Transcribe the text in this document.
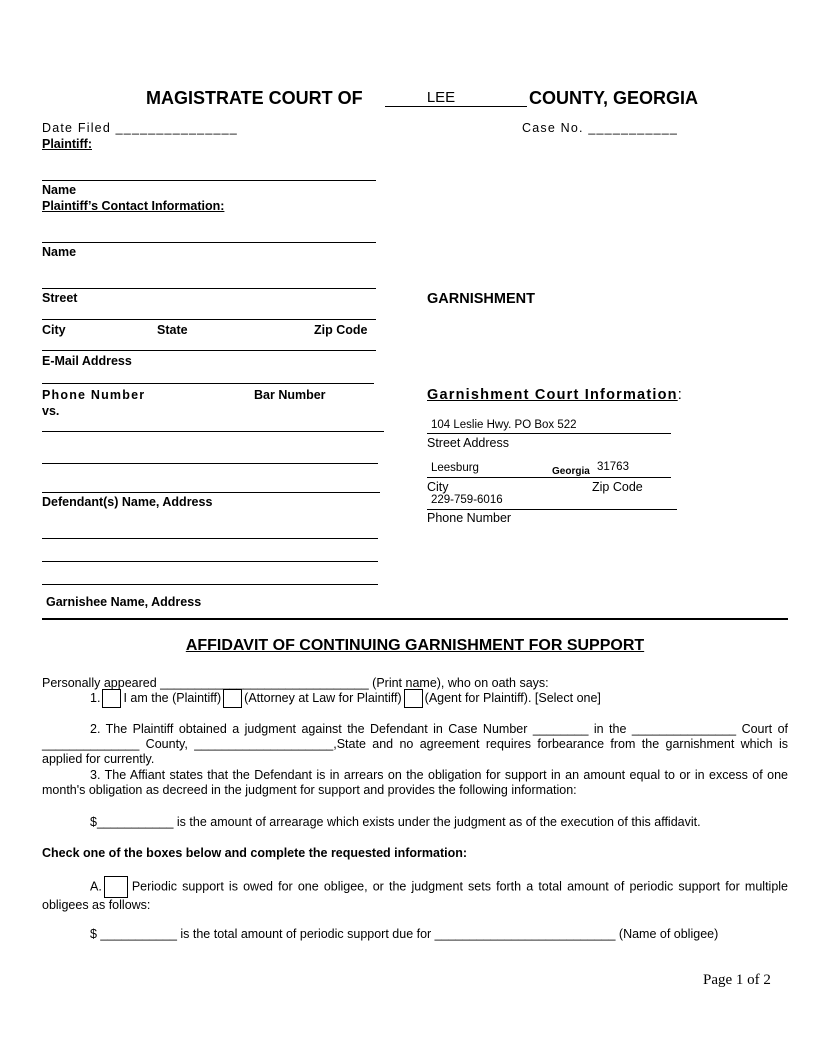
MAGISTRATE COURT OF	LEE	COUNTY, GEORGIA
Date Filed _______________	Case No. ___________
Plaintiff:
Name
Plaintiff’s Contact Information:
Name
Street
City	State	Zip Code
E-Mail Address
Phone Number	Bar Number
vs.
Defendant(s) Name, Address
Garnishee Name, Address
GARNISHMENT
Garnishment Court Information:
104 Leslie Hwy. PO Box 522
Street Address
Leesburg	Georgia 31763
City	Zip Code
229-759-6016
Phone Number
AFFIDAVIT OF CONTINUING GARNISHMENT FOR SUPPORT
Personally appeared ______________________________ (Print name), who on oath says:
1. I am the (Plaintiff) (Attorney at Law for Plaintiff) (Agent for Plaintiff). [Select one]
2. The Plaintiff obtained a judgment against the Defendant in Case Number ________ in the _______________ Court of ______________ County, ____________________,State and no agreement requires forbearance from the garnishment which is applied for currently.
3. The Affiant states that the Defendant is in arrears on the obligation for support in an amount equal to or in excess of one month's obligation as decreed in the judgment for support and provides the following information:
$___________ is the amount of arrearage which exists under the judgment as of the execution of this affidavit.
Check one of the boxes below and complete the requested information:
A. Periodic support is owed for one obligee, or the judgment sets forth a total amount of periodic support for multiple obligees as follows:
$ ___________ is the total amount of periodic support due for __________________________ (Name of obligee)
Page 1 of 2
